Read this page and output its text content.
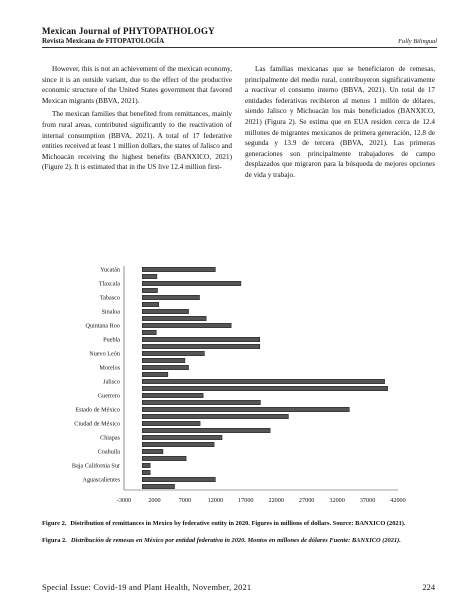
Mexican Journal of PHYTOPATHOLOGY
Revista Mexicana de FITOPATOLOGÍA	Fully Bilingual

However, this is not an achievement of the mexican economy, since it is an outside variant, due to the effect of the productive economic structure of the United States government that favored Mexican migrants (BBVA, 2021).

The mexican families that benefited from remittances, mainly from rural areas, contributed significantly to the reactivation of internal consumption (BBVA, 2021). A total of 17 federative entities received at least 1 million dollars, the states of Jalisco and Michoacán receiving the highest benefits (BANXICO, 2021) (Figure 2). It is estimated that in the US live 12.4 million first-

Las familias mexicanas que se beneficiaron de remesas, principalmente del medio rural, contribuyeron significativamente a reactivar el consumo interno (BBVA, 2021). Un total de 17 entidades federativas recibieron al menos 1 millón de dólares, siendo Jalisco y Michoacán los más beneficiados (BANXICO, 2021) (Figura 2). Se estima que en EUA residen cerca de 12.4 millones de migrantes mexicanos de primera generación, 12.8 de segunda y 13.9 de tercera (BBVA, 2021). Las primeras generaciones son principalmente trabajadores de campo desplazados que migraron para la búsqueda de mejores opciones de vida y trabajo.

Yucatán
Tlaxcala
Tabasco
Sinaloa
Quintana Roo
Puebla
Nuevo León
Morelos
Jalisco
Guerrero
Estado de México
Ciudad de México
Chiapas
Coahuila
Baja California Sur
Aguascalientes
-3000	2000	7000	12000 17000 22000 27000 32000 37000 42000
Figure 2. Distribution of remittances in Mexico by federative entity in 2020. Figures in millions of dollars. Source: BANXICO (2021).
Figura 2. Distribución de remesas en México por entidad federativa in 2020. Montos en millones de dólares Fuente: BANXICO (2021).
Special Issue: Covid-19 and Plant Health, November, 2021	224
